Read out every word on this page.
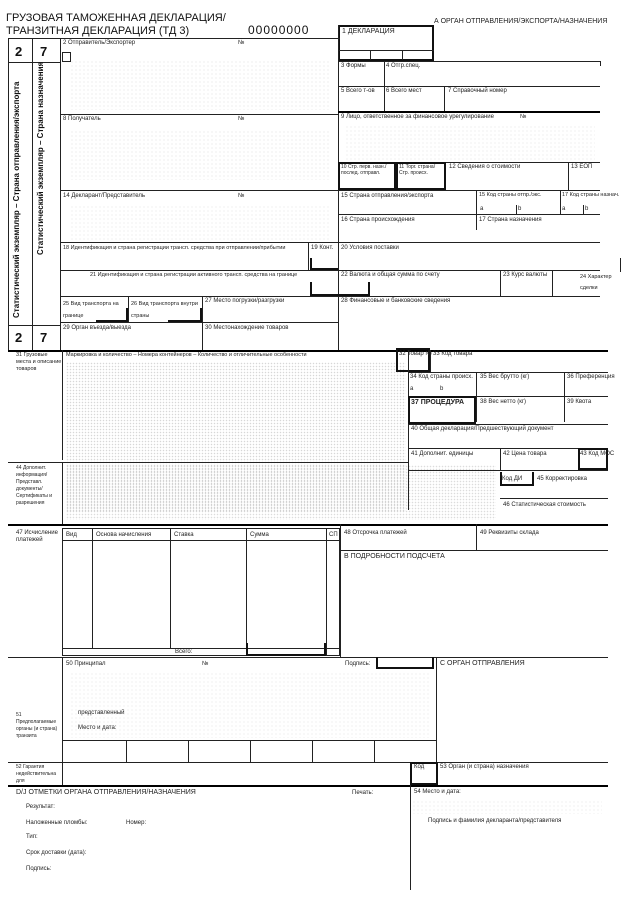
ГРУЗОВАЯ ТАМОЖЕННАЯ ДЕКЛАРАЦИЯ/
ТРАНЗИТНАЯ ДЕКЛАРАЦИЯ (ТД 3)	00000000
А ОРГАН ОТПРАВЛЕНИЯ/ЭКСПОРТА/НАЗНАЧЕНИЯ
1 ДЕКЛАРАЦИЯ
2 7
2 7
Статистический экземпляр – Страна отправления/экспорта Статистический экземпляр – Страна назначения
2 Отправитель/Экспортер	№
3 Формы	4 Отгр.спец.
5 Всего т-ов 6 Всего мест	7 Справочный номер
8 Получатель	№	9 Лицо, ответственное за финансовое урегулирование	№
10 Стр. перв. назн./послед. отправл.
11 Торг. страна/Стр. происх.
12 Сведения о стоимости	13 ЕОП
14 Декларант/Представитель	№	15 Страна отправления/экспорта	15 Код страны отпр./экс.	17 Код страны назнач.
a	b	a	b
16 Страна происхождения	17 Страна назначения
18 Идентификация и страна регистрации трансп. средства при отправлении/прибытии	19 Конт. 20 Условия поставки
21 Идентификация и страна регистрации активного трансп. средства на границе	22 Валюта и общая сумма по счету	23 Курс валюты	24 Характер сделки
25 Вид транспорта на границе
26 Вид транспорта внутри страны
27 Место погрузки/разгрузки	28 Финансовые и банковские сведения
29 Орган въезда/выезда	30 Местонахождение товаров
31 Грузовые места и описание товаров
Маркировка и количество – Номера контейнеров – Количество и отличительные особенности	32 Товар № 33 Код товара
34 Код страны происх. 35 Вес брутто (кг)	36 Преференция
a	b
37 ПРОЦЕДУРА	38 Вес нетто (кг)	39 Квота
40 Общая декларация/Предшествующий документ
41 Дополнит. единицы	42 Цена товара	43 Код МОС
44 Дополнит. информация/ Представл. документы/ Сертификаты и разрешения
Код ДИ 45 Корректировка
46 Статистическая стоимость
47 Исчисление платежей
Вид	Основа начисления	Ставка	Сумма	СП
Всего:
48 Отсрочка платежей	49 Реквизиты склада
В ПОДРОБНОСТИ ПОДСЧЕТА
50 Принципал	№	Подпись:	С ОРГАН ОТПРАВЛЕНИЯ
представленный
51 Предполагаемые органы (и страна) транзита
Место и дата:
52 Гарантия недействительна для
Код	53 Орган (и страна) назначения
D/J ОТМЕТКИ ОРГАНА ОТПРАВЛЕНИЯ/НАЗНАЧЕНИЯ	Печать:	54 Место и дата:
Результат:
Наложенные пломбы:	Номер:
Тип:
Срок доставки (дата):
Подпись:
Подпись и фамилия декларанта/представителя
